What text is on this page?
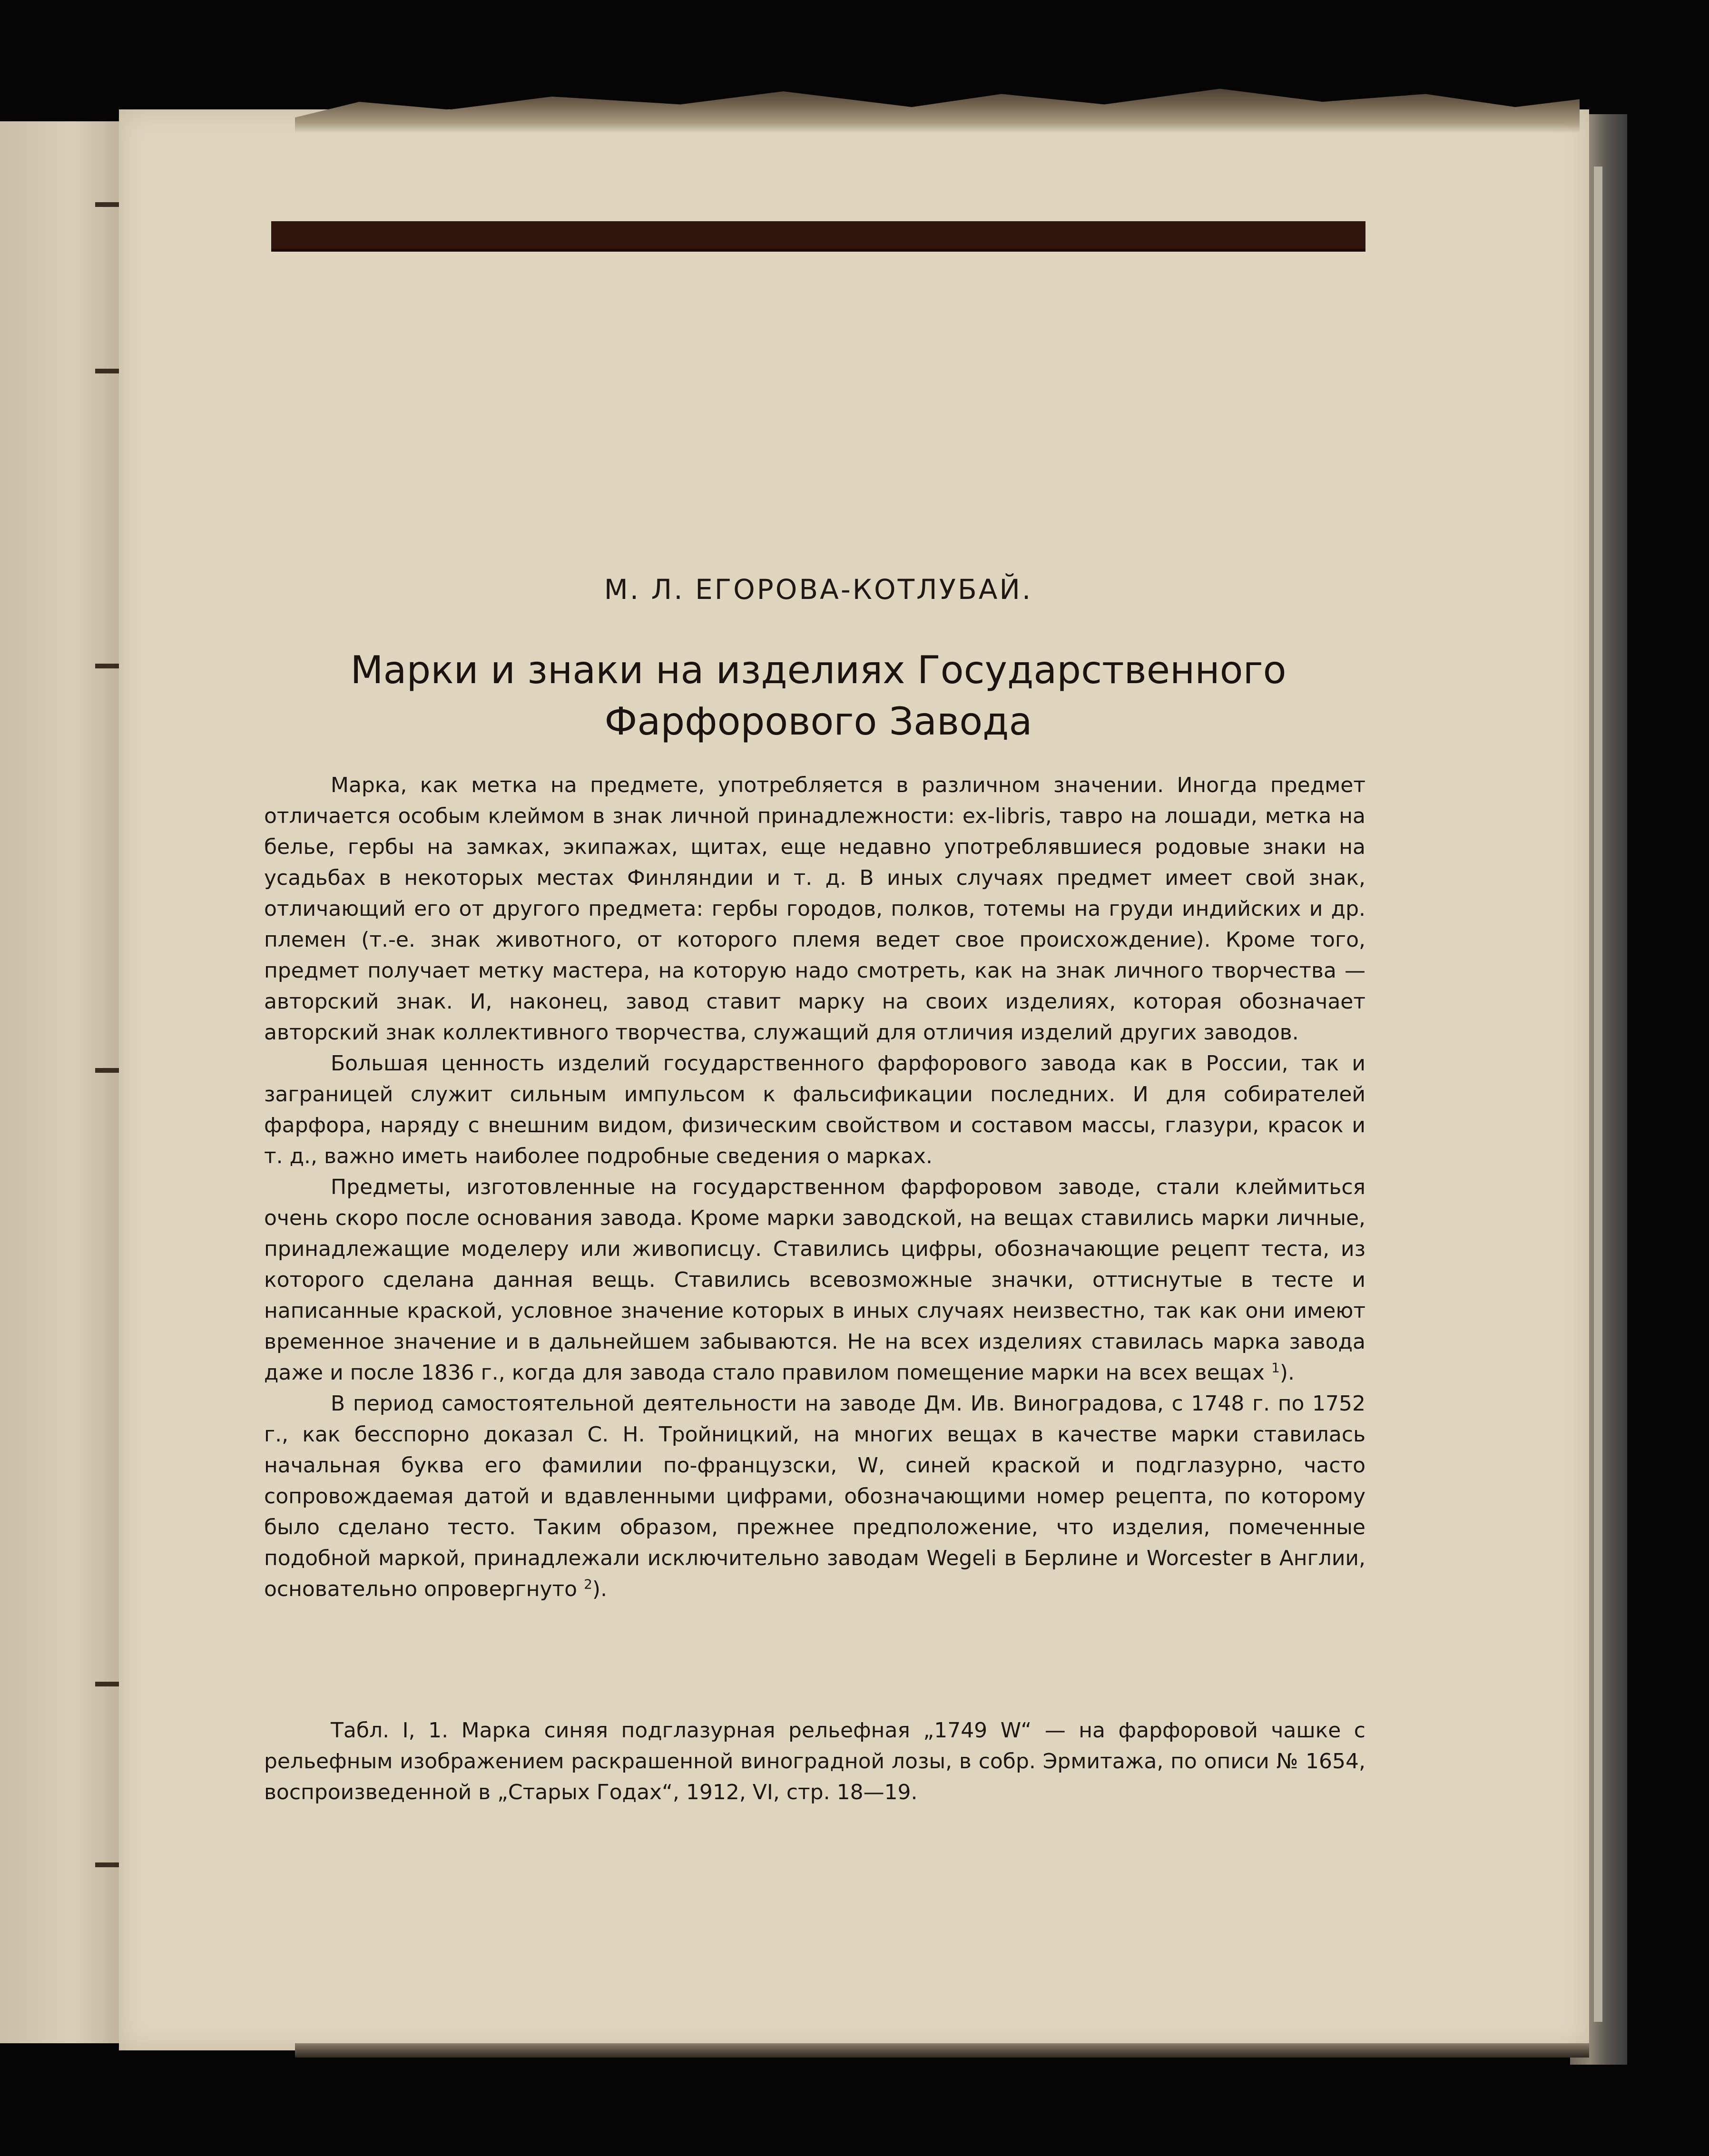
М. Л. ЕГОРОВА-КОТЛУБАЙ.
Марки и знаки на изделиях Государственного Фарфорового Завода

Марка, как метка на предмете, употребляется в различном значении. Иногда предмет отличается особым клеймом в знак личной принадлежности: ex-libris, тавро на лошади, метка на белье, гербы на замках, экипажах, щитах, еще недавно употреблявшиеся родовые знаки на усадьбах в некоторых местах Финляндии и т. д. В иных случаях предмет имеет свой знак, отличающий его от другого предмета: гербы городов, полков, тотемы на груди индийских и др. племен (т.-е. знак животного, от которого племя ведет свое происхождение). Кроме того, предмет получает метку мастера, на которую надо смотреть, как на знак личного творчества — авторский знак. И, наконец, завод ставит марку на своих изделиях, которая обозначает авторский знак коллективного творчества, служащий для отличия изделий других заводов.

Большая ценность изделий государственного фарфорового завода как в России, так и заграницей служит сильным импульсом к фальсификации последних. И для собирателей фарфора, наряду с внешним видом, физическим свойством и составом массы, глазури, красок и т. д., важно иметь наиболее подробные сведения о марках.

Предметы, изготовленные на государственном фарфоровом заводе, стали клеймиться очень скоро после основания завода. Кроме марки заводской, на вещах ставились марки личные, принадлежащие моделеру или живописцу. Ставились цифры, обозначающие рецепт теста, из которого сделана данная вещь. Ставились всевозможные значки, оттиснутые в тесте и написанные краской, условное значение которых в иных случаях неизвестно, так как они имеют временное значение и в дальнейшем забываются. Не на всех изделиях ставилась марка завода даже и после 1836 г., когда для завода стало правилом помещение марки на всех вещах $^1$).

В период самостоятельной деятельности на заводе Дм. Ив. Виноградова, с 1748 г. по 1752 г., как бесспорно доказал С. Н. Тройницкий, на многих вещах в качестве марки ставилась начальная буква его фамилии по-французски, W, синей краской и подглазурно, часто сопровождаемая датой и вдавленными цифрами, обозначающими номер рецепта, по которому было сделано тесто. Таким образом, прежнее предположение, что изделия, помеченные подобной маркой, принадлежали исключительно заводам Wegeli в Берлине и Worcester в Англии, основательно опровергнуто $^2$).

Табл. I, 1. Марка синяя подглазурная рельефная „1749 W“ — на фарфоровой чашке с рельефным изображением раскрашенной виноградной лозы, в собр. Эрмитажа, по описи № 1654, воспроизведенной в „Старых Годах“, 1912, VI, стр. 18—19.
